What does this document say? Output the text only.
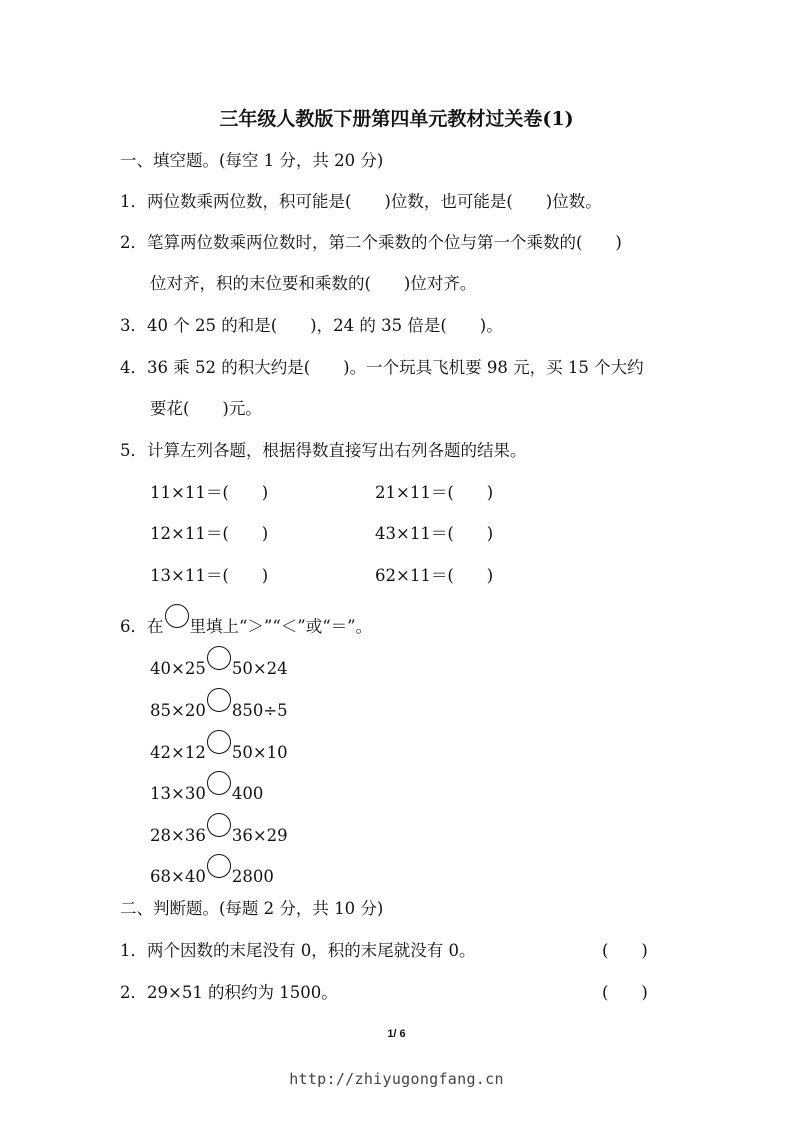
三年级人教版下册第四单元教材过关卷(1)
一、填空题。(每空 1 分，共 20 分)
1．两位数乘两位数，积可能是(　　)位数，也可能是(　　)位数。
2．笔算两位数乘两位数时，第二个乘数的个位与第一个乘数的(　　)
位对齐，积的末位要和乘数的(　　)位对齐。
3．40 个 25 的和是(　　)，24 的 35 倍是(　　)。
4．36 乘 52 的积大约是(　　)。一个玩具飞机要 98 元，买 15 个大约
要花(　　)元。
5．计算左列各题，根据得数直接写出右列各题的结果。
11×11＝(　　)	21×11＝(　　)
12×11＝(　　)	43×11＝(　　)
13×11＝(　　)	62×11＝(　　)
6．在 里填上“＞”“＜”或“＝”。
40×25 50×24
85×20 850÷5
42×12 50×10
13×30 400
28×36 36×29
68×40 2800
二、判断题。(每题 2 分，共 10 分)
1．两个因数的末尾没有 0，积的末尾就没有 0。	(　　)
2．29×51 的积约为 1500。	(　　)
1/ 6
http://zhiyugongfang.cn
